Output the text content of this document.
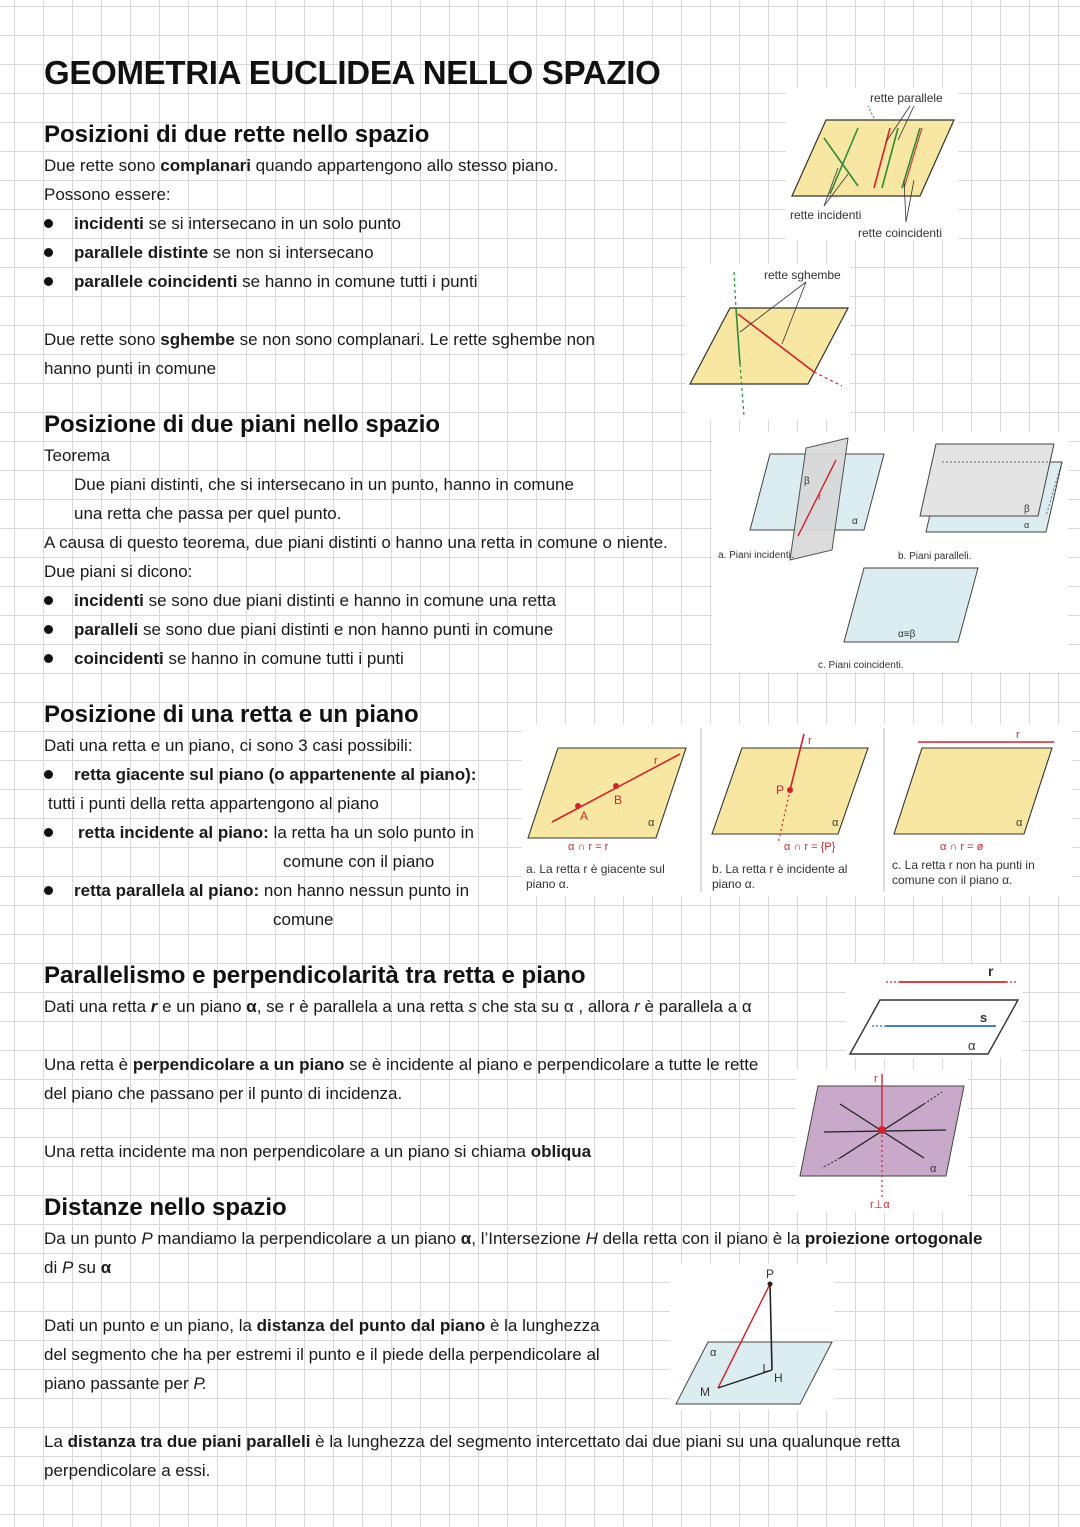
GEOMETRIA EUCLIDEA NELLO SPAZIO
Posizioni di due rette nello spazio
Due rette sono complanari quando appartengono allo stesso piano.
Possono essere:
incidenti se si intersecano in un solo punto
parallele distinte se non si intersecano
parallele coincidenti se hanno in comune tutti i punti
Due rette sono sghembe se non sono complanari. Le rette sghembe non
hanno punti in comune
rette parallele
rette incidenti
rette coincidenti
rette sghembe
Posizione di due piani nello spazio
Teorema
Due piani distinti, che si intersecano in un punto, hanno in comune
una retta che passa per quel punto.
A causa di questo teorema, due piani distinti o hanno una retta in comune o niente.
Due piani si dicono:
incidenti se sono due piani distinti e hanno in comune una retta
paralleli se sono due piani distinti e non hanno punti in comune
coincidenti se hanno in comune tutti i punti
β
r
α
a. Piani incidenti.
β
α
b. Piani paralleli.
α≡β
c. Piani coincidenti.
Posizione di una retta e un piano
Dati una retta e un piano, ci sono 3 casi possibili:
retta giacente sul piano (o appartenente al piano):
tutti i punti della retta appartengono al piano
retta incidente al piano: la retta ha un solo punto in
comune con il piano
retta parallela al piano: non hanno nessun punto in
comune
r
A
B
α
α ∩ r = r
a. La retta r è giacente sul
piano α.
r
P
α
α ∩ r = {P}
b. La retta r è incidente al
piano α.
r
α
α ∩ r = ø
c. La retta r non ha punti in
comune con il piano α.
Parallelismo e perpendicolarità tra retta e piano
Dati una retta r e un piano α, se r è parallela a una retta s che sta su α , allora r è parallela a α
Una retta è perpendicolare a un piano se è incidente al piano e perpendicolare a tutte le rette
del piano che passano per il punto di incidenza.
Una retta incidente ma non perpendicolare a un piano si chiama obliqua
r
s
α
r
α
r⊥α
Distanze nello spazio
Da un punto P mandiamo la perpendicolare a un piano α, l’Intersezione H della retta con il piano è la proiezione ortogonale
di P su α
Dati un punto e un piano, la distanza del punto dal piano è la lunghezza
del segmento che ha per estremi il punto e il piede della perpendicolare al
piano passante per P.
La distanza tra due piani paralleli è la lunghezza del segmento intercettato dai due piani su una qualunque retta
perpendicolare a essi.
P
H
M
α
